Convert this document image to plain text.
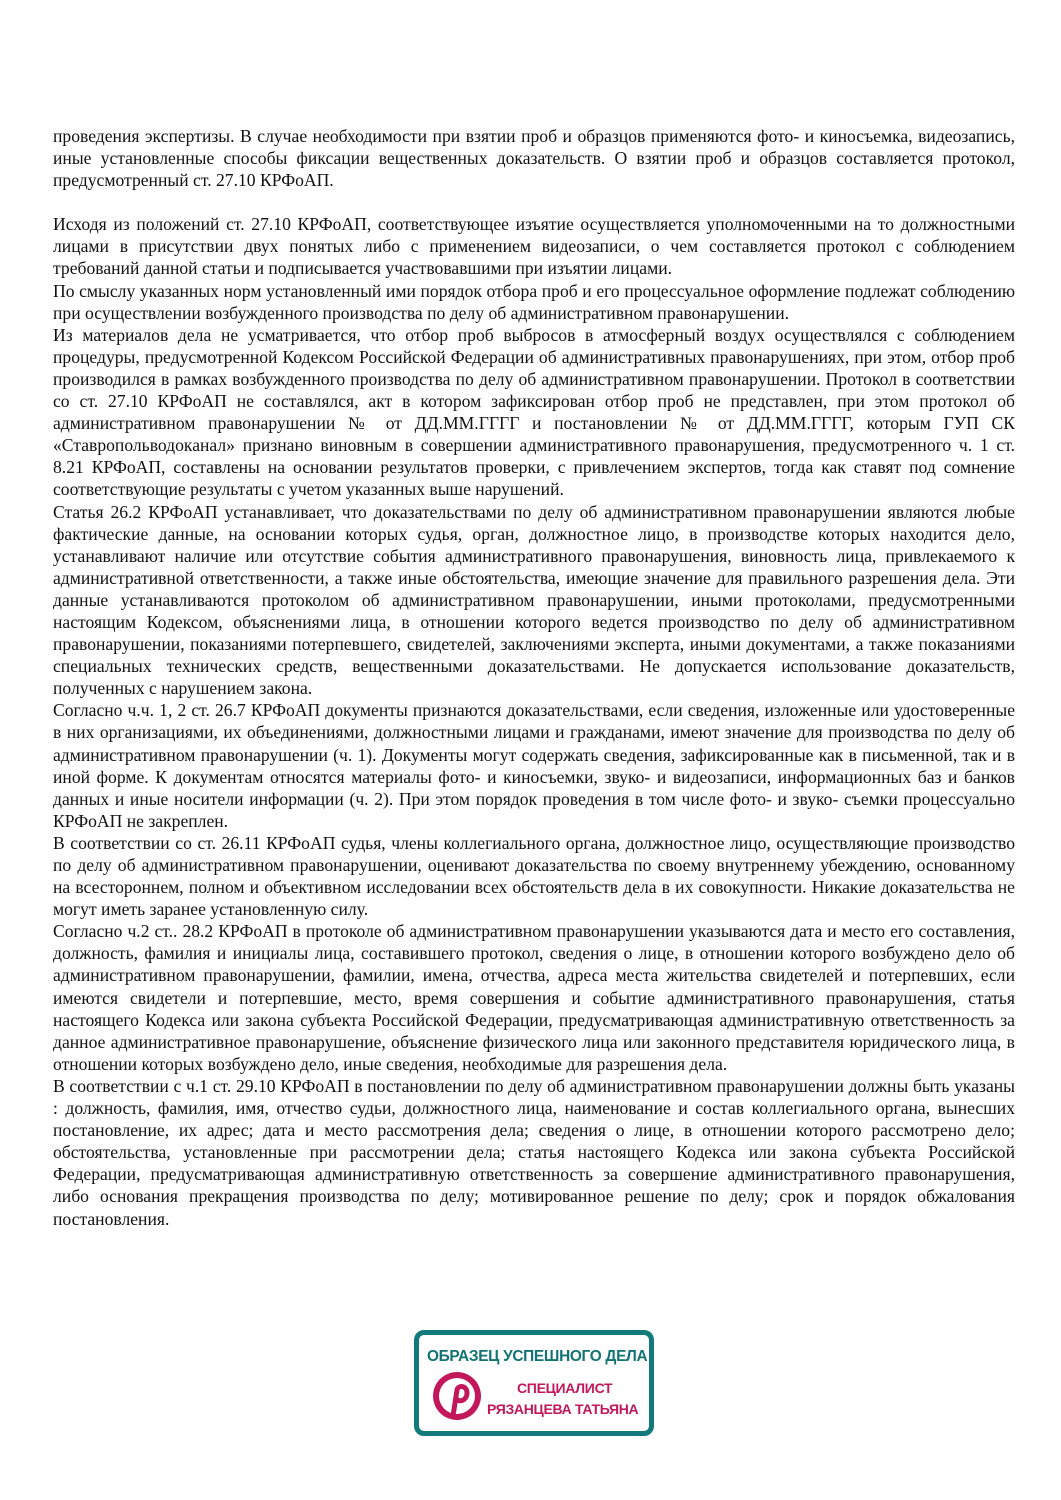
проведения экспертизы. В случае необходимости при взятии проб и образцов применяются фото- и киносъемка, видеозапись, иные установленные способы фиксации вещественных доказательств. О взятии проб и образцов составляется протокол, предусмотренный ст. 27.10 КРФоАП.

Исходя из положений ст. 27.10 КРФоАП, соответствующее изъятие осуществляется уполномоченными на то должностными лицами в присутствии двух понятых либо с применением видеозаписи, о чем составляется протокол с соблюдением требований данной статьи и подписывается участвовавшими при изъятии лицами.

По смыслу указанных норм установленный ими порядок отбора проб и его процессуальное оформление подлежат соблюдению при осуществлении возбужденного производства по делу об административном правонарушении.

Из материалов дела не усматривается, что отбор проб выбросов в атмосферный воздух осуществлялся с соблюдением процедуры, предусмотренной Кодексом Российской Федерации об административных правонарушениях, при этом, отбор проб производился в рамках возбужденного производства по делу об административном правонарушении. Протокол в соответствии со ст. 27.10 КРФоАП не составлялся, акт в котором зафиксирован отбор проб не представлен, при этом протокол об административном правонарушении № от ДД.ММ.ГГГГ и постановлении № от ДД.ММ.ГГГГ, которым ГУП СК «Ставропольводоканал» признано виновным в совершении административного правонарушения, предусмотренного ч. 1 ст. 8.21 КРФоАП, составлены на основании результатов проверки, с привлечением экспертов, тогда как ставят под сомнение соответствующие результаты с учетом указанных выше нарушений.

Статья 26.2 КРФоАП устанавливает, что доказательствами по делу об административном правонарушении являются любые фактические данные, на основании которых судья, орган, должностное лицо, в производстве которых находится дело, устанавливают наличие или отсутствие события административного правонарушения, виновность лица, привлекаемого к административной ответственности, а также иные обстоятельства, имеющие значение для правильного разрешения дела. Эти данные устанавливаются протоколом об административном правонарушении, иными протоколами, предусмотренными настоящим Кодексом, объяснениями лица, в отношении которого ведется производство по делу об административном правонарушении, показаниями потерпевшего, свидетелей, заключениями эксперта, иными документами, а также показаниями специальных технических средств, вещественными доказательствами. Не допускается использование доказательств, полученных с нарушением закона.

Согласно ч.ч. 1, 2 ст. 26.7 КРФоАП документы признаются доказательствами, если сведения, изложенные или удостоверенные в них организациями, их объединениями, должностными лицами и гражданами, имеют значение для производства по делу об административном правонарушении (ч. 1). Документы могут содержать сведения, зафиксированные как в письменной, так и в иной форме. К документам относятся материалы фото- и киносъемки, звуко- и видеозаписи, информационных баз и банков данных и иные носители информации (ч. 2). При этом порядок проведения в том числе фото- и звуко- съемки процессуально КРФоАП не закреплен.

В соответствии со ст. 26.11 КРФоАП судья, члены коллегиального органа, должностное лицо, осуществляющие производство по делу об административном правонарушении, оценивают доказательства по своему внутреннему убеждению, основанному на всестороннем, полном и объективном исследовании всех обстоятельств дела в их совокупности. Никакие доказательства не могут иметь заранее установленную силу.

Согласно ч.2 ст.. 28.2 КРФоАП в протоколе об административном правонарушении указываются дата и место его составления, должность, фамилия и инициалы лица, составившего протокол, сведения о лице, в отношении которого возбуждено дело об административном правонарушении, фамилии, имена, отчества, адреса места жительства свидетелей и потерпевших, если имеются свидетели и потерпевшие, место, время совершения и событие административного правонарушения, статья настоящего Кодекса или закона субъекта Российской Федерации, предусматривающая административную ответственность за данное административное правонарушение, объяснение физического лица или законного представителя юридического лица, в отношении которых возбуждено дело, иные сведения, необходимые для разрешения дела.

В соответствии с ч.1 ст. 29.10 КРФоАП в постановлении по делу об административном правонарушении должны быть указаны : должность, фамилия, имя, отчество судьи, должностного лица, наименование и состав коллегиального органа, вынесших постановление, их адрес; дата и место рассмотрения дела; сведения о лице, в отношении которого рассмотрено дело; обстоятельства, установленные при рассмотрении дела; статья настоящего Кодекса или закона субъекта Российской Федерации, предусматривающая административную ответственность за совершение административного правонарушения, либо основания прекращения производства по делу; мотивированное решение по делу; срок и порядок обжалования постановления.

ОБРАЗЕЦ УСПЕШНОГО ДЕЛА
СПЕЦИАЛИСТ
РЯЗАНЦЕВА ТАТЬЯНА
